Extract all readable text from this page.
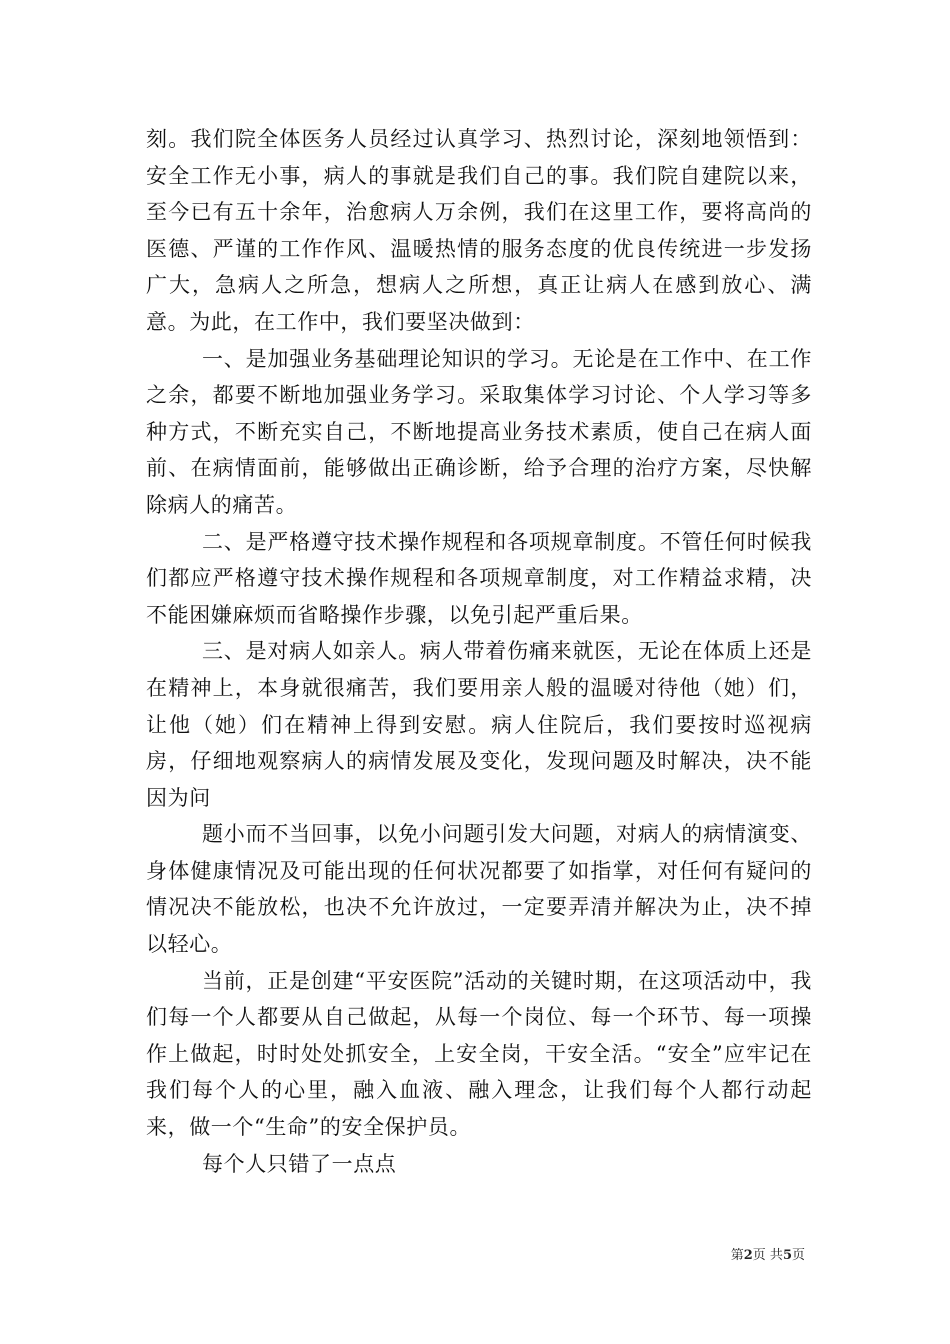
刻。我们院全体医务人员经过认真学习、热烈讨论，深刻地领悟到：安全工作无小事，病人的事就是我们自己的事。我们院自建院以来，至今已有五十余年，治愈病人万余例，我们在这里工作，要将高尚的医德、严谨的工作作风、温暖热情的服务态度的优良传统进一步发扬广大，急病人之所急，想病人之所想，真正让病人在感到放心、满意。为此，在工作中，我们要坚决做到：

一、是加强业务基础理论知识的学习。无论是在工作中、在工作之余，都要不断地加强业务学习。采取集体学习讨论、个人学习等多种方式，不断充实自己，不断地提高业务技术素质，使自己在病人面前、在病情面前，能够做出正确诊断，给予合理的治疗方案，尽快解除病人的痛苦。

二、是严格遵守技术操作规程和各项规章制度。不管任何时候我们都应严格遵守技术操作规程和各项规章制度，对工作精益求精，决不能困嫌麻烦而省略操作步骤，以免引起严重后果。

三、是对病人如亲人。病人带着伤痛来就医，无论在体质上还是在精神上，本身就很痛苦，我们要用亲人般的温暖对待他（她）们，让他（她）们在精神上得到安慰。病人住院后，我们要按时巡视病房，仔细地观察病人的病情发展及变化，发现问题及时解决，决不能因为问

题小而不当回事，以免小问题引发大问题，对病人的病情演变、身体健康情况及可能出现的任何状况都要了如指掌，对任何有疑问的情况决不能放松，也决不允许放过，一定要弄清并解决为止，决不掉以轻心。

当前，正是创建“平安医院”活动的关键时期，在这项活动中，我们每一个人都要从自己做起，从每一个岗位、每一个环节、每一项操作上做起，时时处处抓安全，上安全岗，干安全活。“安全”应牢记在我们每个人的心里，融入血液、融入理念，让我们每个人都行动起来，做一个“生命”的安全保护员。

每个人只错了一点点

第2页 共5页
